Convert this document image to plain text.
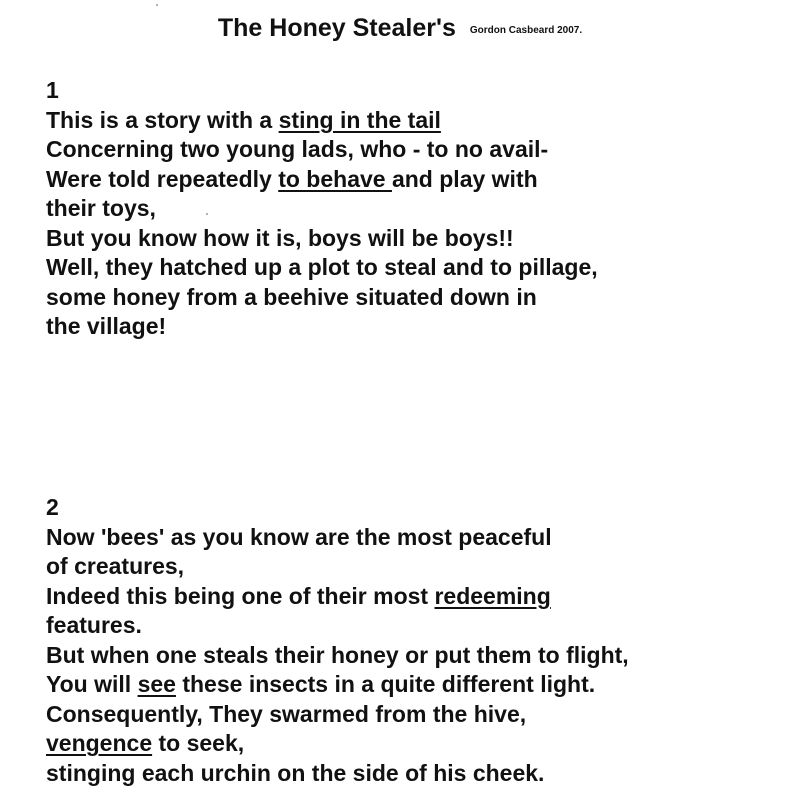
The Honey Stealer's Gordon Casbeard 2007.
1
This is a story with a sting in the tail
Concerning two young lads, who - to no avail-
Were told repeatedly to behave and play with
their toys,
But you know how it is, boys will be boys!!
Well, they hatched up a plot to steal and to pillage,
some honey from a beehive situated down in
the village!
2
Now 'bees' as you know are the most peaceful
of creatures,
Indeed this being one of their most redeeming
features.
But when one steals their honey or put them to flight,
You will see these insects in a quite different light.
Consequently, They swarmed from the hive,
vengence to seek,
stinging each urchin on the side of his cheek.
